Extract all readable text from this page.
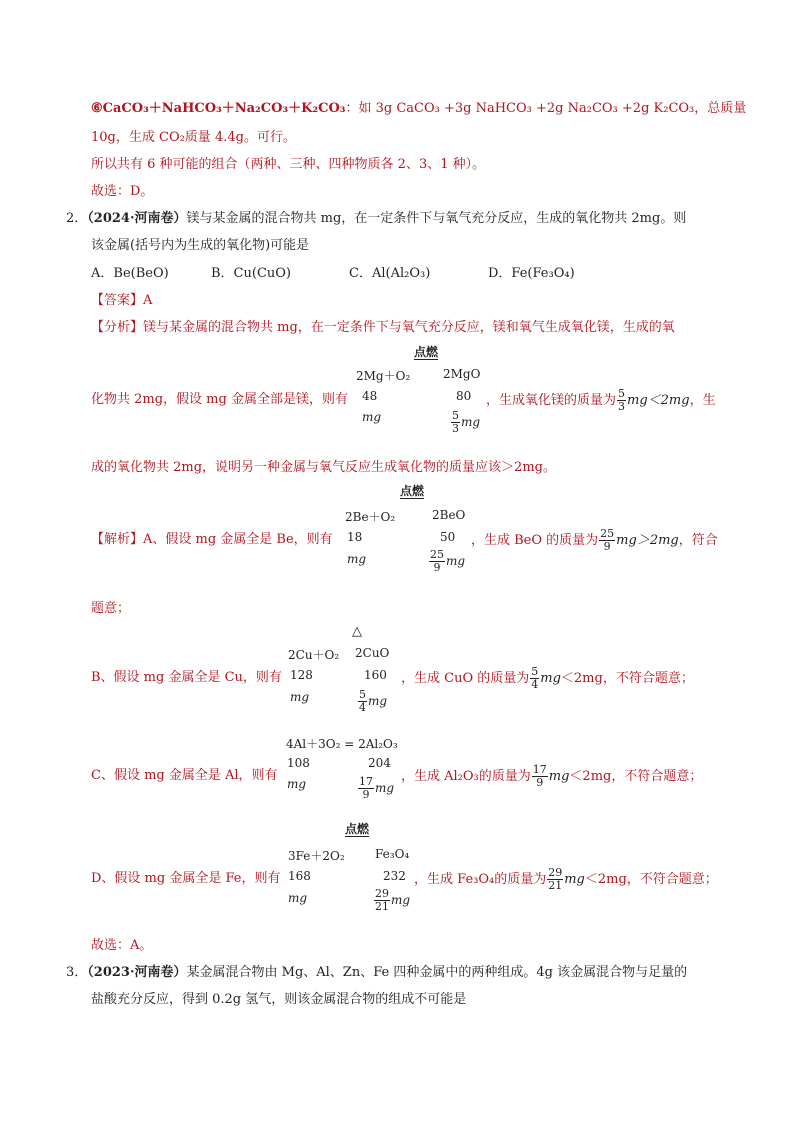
⑥CaCO₃＋NaHCO₃＋Na₂CO₃＋K₂CO₃：如 3g CaCO₃ +3g NaHCO₃ +2g Na₂CO₃ +2g K₂CO₃，总质量
10g，生成 CO₂质量 4.4g。可行。
所以共有 6 种可能的组合（两种、三种、四种物质各 2、3、1 种）。
故选：D。
2．（2024·河南卷）镁与某金属的混合物共 mg，在一定条件下与氧气充分反应，生成的氧化物共 2mg。则
该金属(括号内为生成的氧化物)可能是
A．Be(BeO)	B．Cu(CuO)	C．Al(Al₂O₃)	D．Fe(Fe₃O₄)
【答案】A
【分析】镁与某金属的混合物共 mg，在一定条件下与氧气充分反应，镁和氧气生成氧化镁，生成的氧
点燃
2Mg＋O₂	2MgO
48	80
mg	$\frac{5}{3}$ mg
化物共 2mg，假设 mg 金属全部是镁，则有	，生成氧化镁的质量为 $\frac{5}{3} mg<2mg$，生
成的氧化物共 2mg，说明另一种金属与氧气反应生成氧化物的质量应该＞2mg。
点燃
2Be＋O₂	2BeO
18	50
mg	$\frac{25}{9}$ mg
【解析】A、假设 mg 金属全是 Be，则有	，生成 BeO 的质量为 $\frac{25}{9} mg>2mg$，符合
题意；
△
2Cu＋O₂ 2CuO
128	160
mg	$\frac{5}{4}$ mg
B、假设 mg 金属全是 Cu，则有	，生成 CuO 的质量为 $\frac{5}{4} mg<2mg$，不符合题意；
4Al＋3O₂ = 2Al₂O₃
108	204
mg	$\frac{17}{9}$ mg
C、假设 mg 金属全是 Al，则有	，生成 Al₂O₃的质量为 $\frac{17}{9} mg<2mg$，不符合题意；
点燃
3Fe＋2O₂	Fe₃O₄
168	232
mg	$\frac{29}{21}$ mg
D、假设 mg 金属全是 Fe，则有	，生成 Fe₃O₄的质量为 $\frac{29}{21} mg<2mg$，不符合题意；
故选：A。
3．（2023·河南卷）某金属混合物由 Mg、Al、Zn、Fe 四种金属中的两种组成。4g 该金属混合物与足量的
盐酸充分反应，得到 0.2g 氢气，则该金属混合物的组成不可能是
